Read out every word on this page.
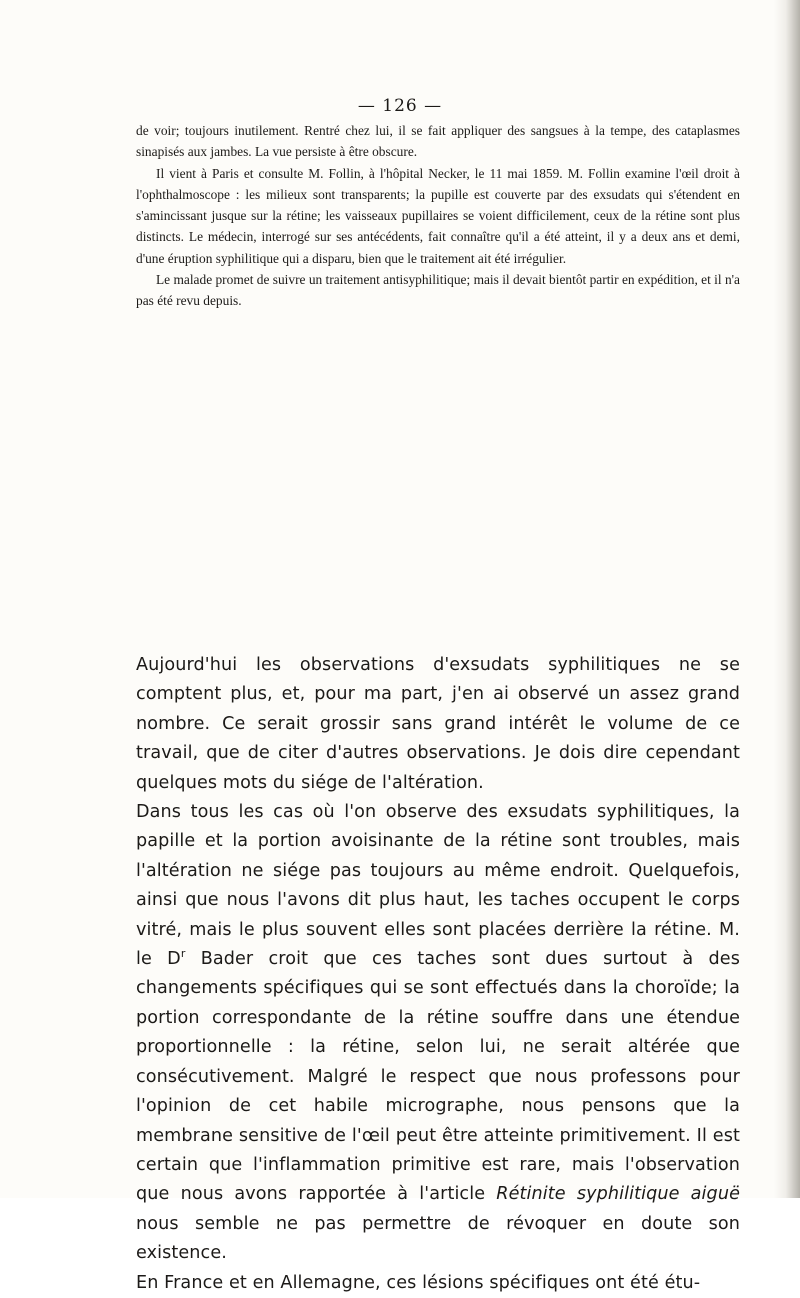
— 126 —

de voir; toujours inutilement. Rentré chez lui, il se fait appliquer des sangsues à la tempe, des cataplasmes sinapisés aux jambes. La vue persiste à être obscure.

Il vient à Paris et consulte M. Follin, à l'hôpital Necker, le 11 mai 1859. M. Follin examine l'œil droit à l'ophthalmoscope : les milieux sont transparents; la pupille est couverte par des exsudats qui s'étendent en s'amincissant jusque sur la rétine; les vaisseaux pupillaires se voient difficilement, ceux de la rétine sont plus distincts. Le médecin, interrogé sur ses antécédents, fait connaître qu'il a été atteint, il y a deux ans et demi, d'une éruption syphilitique qui a disparu, bien que le traitement ait été irrégulier.

Le malade promet de suivre un traitement antisyphilitique; mais il devait bientôt partir en expédition, et il n'a pas été revu depuis.

Aujourd'hui les observations d'exsudats syphilitiques ne se comptent plus, et, pour ma part, j'en ai observé un assez grand nombre. Ce serait grossir sans grand intérêt le volume de ce travail, que de citer d'autres observations. Je dois dire cependant quelques mots du siége de l'altération.

Dans tous les cas où l'on observe des exsudats syphilitiques, la papille et la portion avoisinante de la rétine sont troubles, mais l'altération ne siége pas toujours au même endroit. Quelquefois, ainsi que nous l'avons dit plus haut, les taches occupent le corps vitré, mais le plus souvent elles sont placées derrière la rétine. M. le $D^r$ Bader croit que ces taches sont dues surtout à des changements spécifiques qui se sont effectués dans la choroïde; la portion correspondante de la rétine souffre dans une étendue proportionnelle : la rétine, selon lui, ne serait altérée que consécutivement. Malgré le respect que nous professons pour l'opinion de cet habile micrographe, nous pensons que la membrane sensitive de l'œil peut être atteinte primitivement. Il est certain que l'inflammation primitive est rare, mais l'observation que nous avons rapportée à l'article Rétinite syphilitique aiguë nous semble ne pas permettre de révoquer en doute son existence.

En France et en Allemagne, ces lésions spécifiques ont été étu-
